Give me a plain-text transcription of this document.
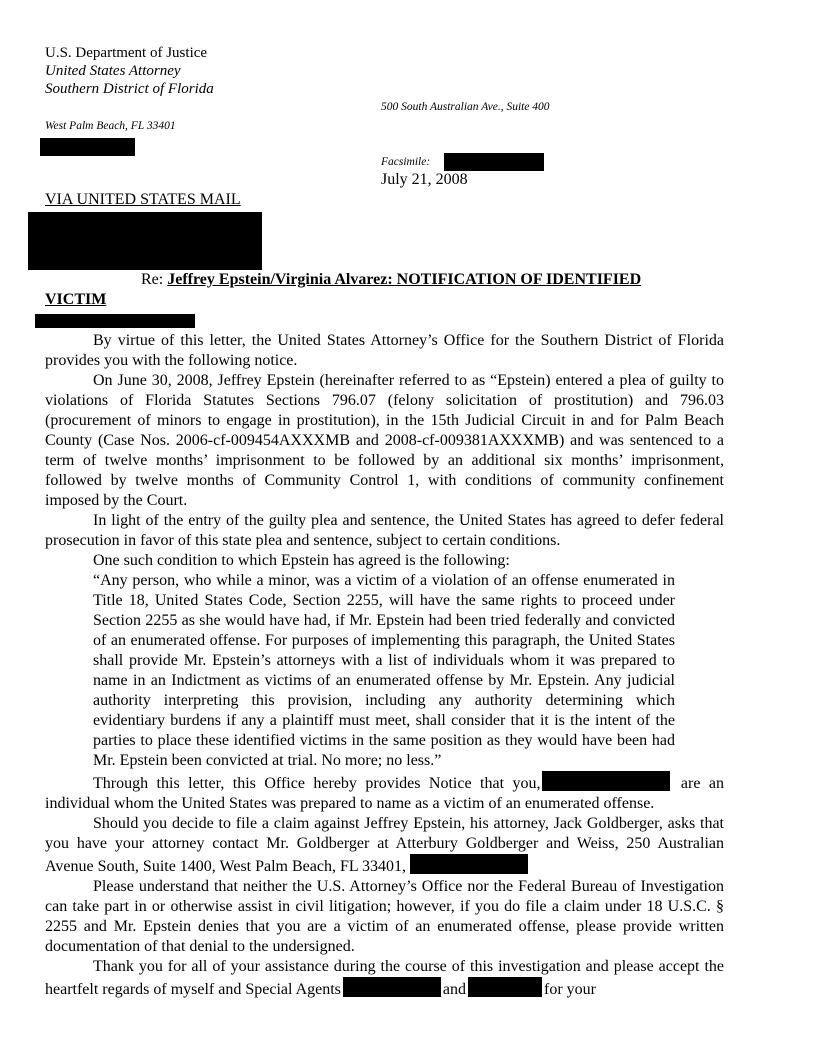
U.S. Department of Justice
United States Attorney
Southern District of Florida
500 South Australian Ave., Suite 400
West Palm Beach, FL 33401
Facsimile:
July 21, 2008
VIA UNITED STATES MAIL
Re: Jeffrey Epstein/Virginia Alvarez: NOTIFICATION OF IDENTIFIED
VICTIM

By virtue of this letter, the United States Attorney’s Office for the Southern District of Florida provides you with the following notice.

On June 30, 2008, Jeffrey Epstein (hereinafter referred to as “Epstein) entered a plea of guilty to violations of Florida Statutes Sections 796.07 (felony solicitation of prostitution) and 796.03 (procurement of minors to engage in prostitution), in the 15th Judicial Circuit in and for Palm Beach County (Case Nos. 2006-cf-009454AXXXMB and 2008-cf-009381AXXXMB) and was sentenced to a term of twelve months’ imprisonment to be followed by an additional six months’ imprisonment, followed by twelve months of Community Control 1, with conditions of community confinement imposed by the Court.

In light of the entry of the guilty plea and sentence, the United States has agreed to defer federal prosecution in favor of this state plea and sentence, subject to certain conditions.

One such condition to which Epstein has agreed is the following:

“Any person, who while a minor, was a victim of a violation of an offense enumerated in Title 18, United States Code, Section 2255, will have the same rights to proceed under Section 2255 as she would have had, if Mr. Epstein had been tried federally and convicted of an enumerated offense. For purposes of implementing this paragraph, the United States shall provide Mr. Epstein’s attorneys with a list of individuals whom it was prepared to name in an Indictment as victims of an enumerated offense by Mr. Epstein. Any judicial authority interpreting this provision, including any authority determining which evidentiary burdens if any a plaintiff must meet, shall consider that it is the intent of the parties to place these identified victims in the same position as they would have been had Mr. Epstein been convicted at trial. No more; no less.”

Through this letter, this Office hereby provides Notice that you,	are an individual whom the United States was prepared to name as a victim of an enumerated offense.

Should you decide to file a claim against Jeffrey Epstein, his attorney, Jack Goldberger, asks that you have your attorney contact Mr. Goldberger at Atterbury Goldberger and Weiss, 250 Australian Avenue South, Suite 1400, West Palm Beach, FL 33401,

Please understand that neither the U.S. Attorney’s Office nor the Federal Bureau of Investigation can take part in or otherwise assist in civil litigation; however, if you do file a claim under 18 U.S.C. § 2255 and Mr. Epstein denies that you are a victim of an enumerated offense, please provide written documentation of that denial to the undersigned.

Thank you for all of your assistance during the course of this investigation and please accept the heartfelt regards of myself and Special Agents	and	for your
